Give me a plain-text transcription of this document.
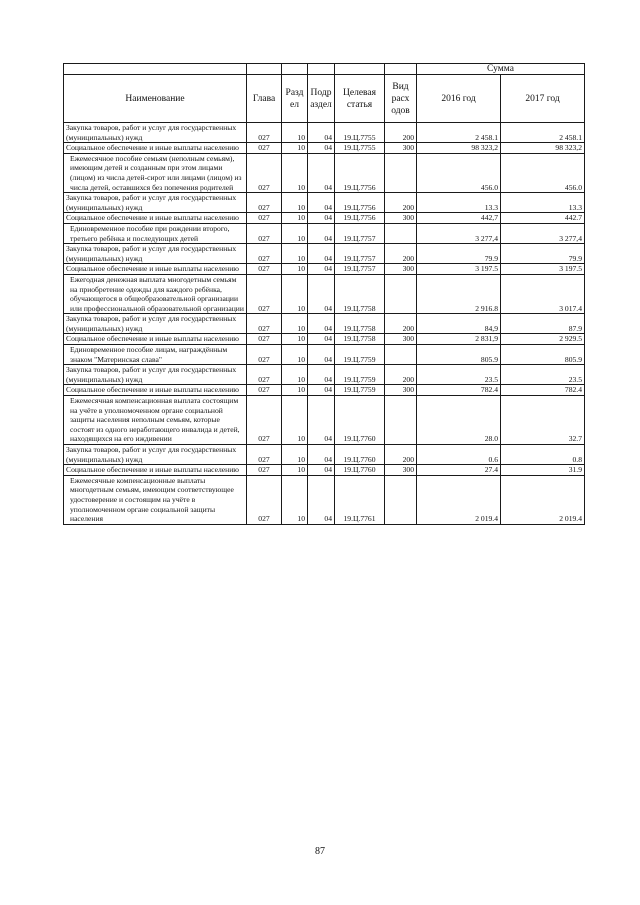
						Сумма	
Наименование	Глава	Разд ел	Подр аздел	Целевая статья	Вид расх одов	2016 год	2017 год
Закупка товаров, работ и услуг для государственных (муниципальных) нужд	027	10	04	19.Ц.7755	200	2 458.1	2 458.1
Социальное обеспечение и иные выплаты населению	027	10	04	19.Ц.7755	300	98 323,2	98 323,2
Ежемесячное пособие семьям (неполным семьям), имеющим детей и созданным при этом лицами (лицом) из числа детей-сирот или лицами (лицом) из числа детей, оставшихся без попечения родителей	027	10	04	19.Ц.7756		456.0	456.0
Закупка товаров, работ и услуг для государственных (муниципальных) нужд	027	10	04	19.Ц.7756	200	13.3	13.3
Социальное обеспечение и иные выплаты населению	027	10	04	19.Ц.7756	300	442,7	442.7
Единовременное пособие при рождении второго, третьего ребёнка и последующих детей	027	10	04	19.Ц.7757		3 277,4	3 277,4
Закупка товаров, работ и услуг для государственных (муниципальных) нужд	027	10	04	19.Ц.7757	200	79.9	79.9
Социальное обеспечение и иные выплаты населению	027	10	04	19.Ц.7757	300	3 197.5	3 197.5
Ежегодная денежная выплата многодетным семьям на приобретение одежды для каждого ребёнка, обучающегося в общеобразовательной организации или профессиональной образовательной организации	027	10	04	19.Ц.7758		2 916.8	3 017.4
Закупка товаров, работ и услуг для государственных (муниципальных) нужд	027	10	04	19.Ц.7758	200	84,9	87.9
Социальное обеспечение и иные выплаты населению	027	10	04	19.Ц.7758	300	2 831,9	2 929.5
Единовременное пособие лицам, награждённым знаком "Материнская слава"	027	10	04	19.Ц.7759		805.9	805.9
Закупка товаров, работ и услуг для государственных (муниципальных) нужд	027	10	04	19.Ц.7759	200	23.5	23.5
Социальное обеспечение и иные выплаты населению	027	10	04	19.Ц.7759	300	782.4	782.4
Ежемесячная компенсационная выплата состоящим на учёте в уполномоченном органе социальной защиты населения неполным семьям, которые состоят из одного неработающего инвалида и детей, находящихся на его иждивении	027	10	04	19.Ц.7760		28.0	32.7
Закупка товаров, работ и услуг для государственных (муниципальных) нужд	027	10	04	19.Ц.7760	200	0.6	0.8
Социальное обеспечение и иные выплаты населению	027	10	04	19.Ц.7760	300	27.4	31.9
Ежемесячные компенсационные выплаты многодетным семьям, имеющим соответствующее удостоверение и состоящим на учёте в уполномоченном органе социальной защиты населения	027	10	04	19.Ц.7761		2 019.4	2 019.4
87
